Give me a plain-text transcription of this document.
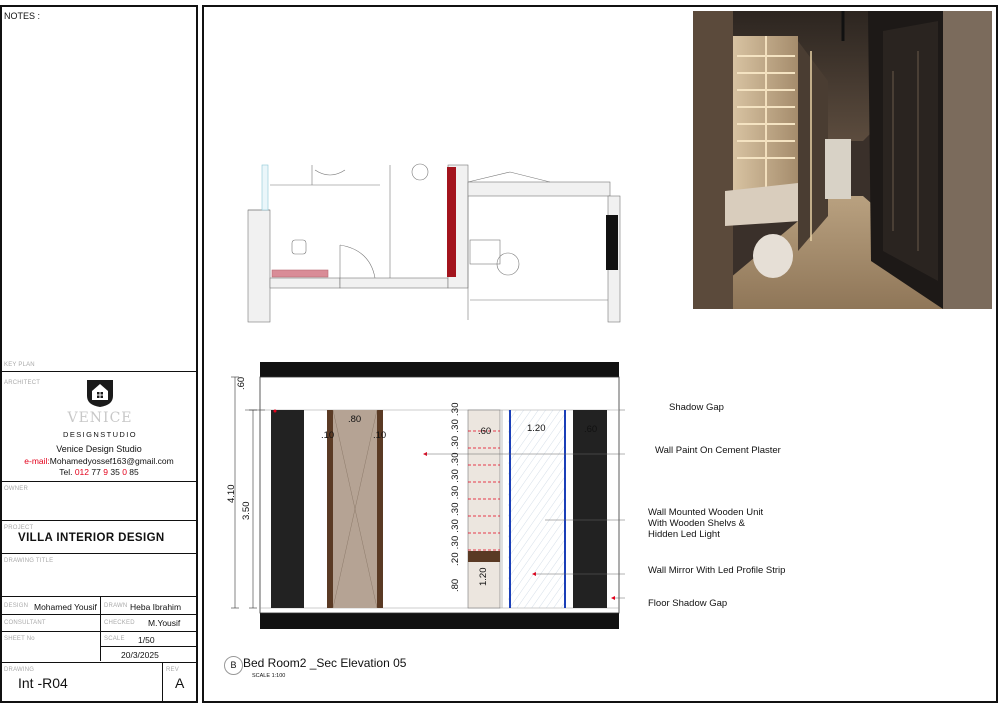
NOTES :
KEY PLAN
ARCHITECT
VENICE
DESIGNSTUDIO
Venice Design Studio
e-mail:Mohamedyossef163@gmail.com
Tel. 012 77 9 35 0 85
OWNER
PROJECT
VILLA INTERIOR DESIGN
DRAWING TITLE
DESIGN Mohamed Yousif DRAWN Heba Ibrahim
CONSULTANT	CHECKED M.Yousif
SHEET No	SCALE 1/50
20/3/2025
DRAWING
Int -R04
REV
A
.60
4.10
3.50
.80
.10	.10	.60	1.20	.60
.20 .30 .30 .30 .30 .30 .30 .30 .30 .30
1.20
.80
Shadow Gap
Wall Paint On Cement Plaster
Wall Mounted Wooden Unit
With Wooden Shelvs &
Hidden Led Light
Wall Mirror With Led Profile Strip
Floor Shadow Gap
B Bed Room2 _Sec Elevation 05
SCALE 1:100
